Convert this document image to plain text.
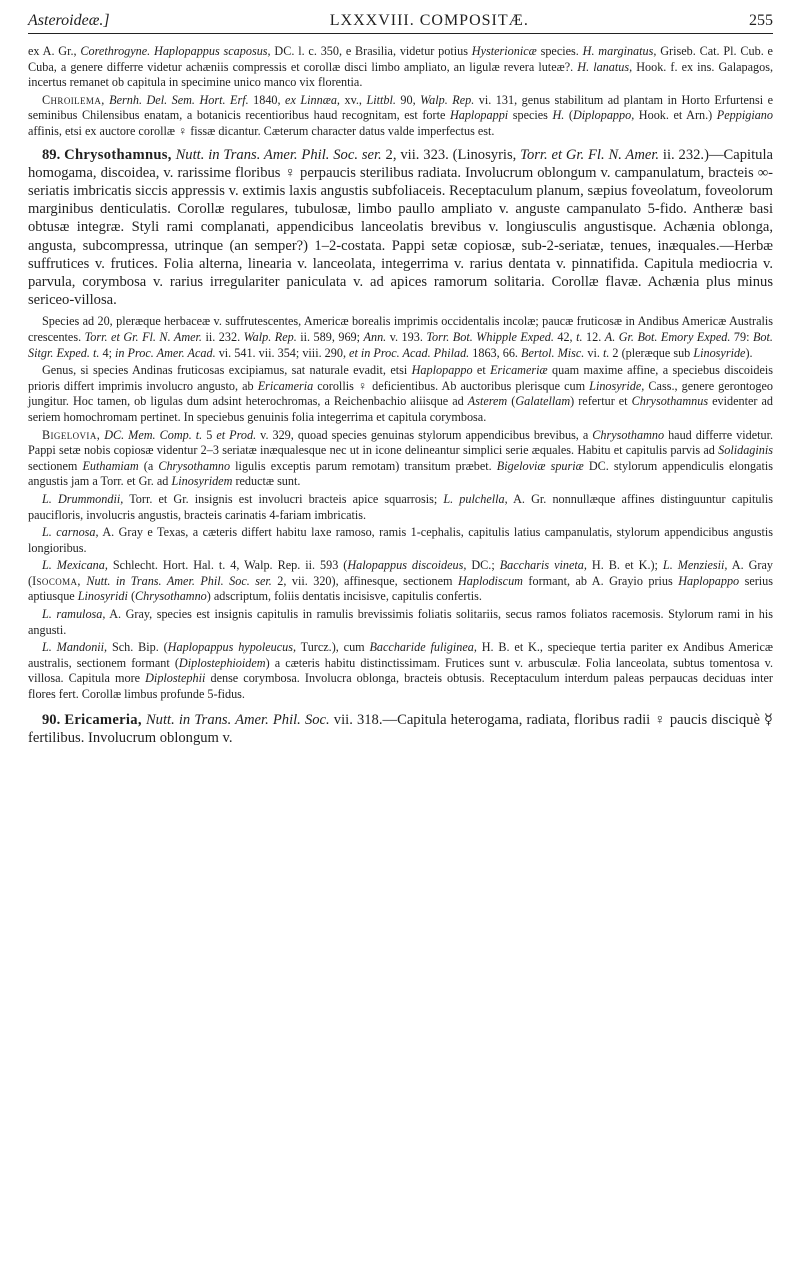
Asteroideæ.]	LXXXVIII. COMPOSITÆ.	255

ex A. Gr., Corethrogyne. Haplopappus scaposus, DC. l. c. 350, e Brasilia, videtur potius Hysterionicæ species. H. marginatus, Griseb. Cat. Pl. Cub. e Cuba, a genere differre videtur achæniis compressis et corollæ disci limbo ampliato, an ligulæ revera luteæ?. H. lanatus, Hook. f. ex ins. Galapagos, incertus remanet ob capitula in specimine unico manco vix florentia.

Chroilema, Bernh. Del. Sem. Hort. Erf. 1840, ex Linnæa, xv., Littbl. 90, Walp. Rep. vi. 131, genus stabilitum ad plantam in Horto Erfurtensi e seminibus Chilensibus enatam, a botanicis recentioribus haud recognitam, est forte Haplopappi species H. (Diplopappo, Hook. et Arn.) Peppigiano affinis, etsi ex auctore corollæ ♀ fissæ dicantur. Cæterum character datus valde imperfectus est.

89. Chrysothamnus, Nutt. in Trans. Amer. Phil. Soc. ser. 2, vii. 323. (Linosyris, Torr. et Gr. Fl. N. Amer. ii. 232.)—Capitula homogama, discoidea, v. rarissime floribus ♀ perpaucis sterilibus radiata. Involucrum oblongum v. campanulatum, bracteis ∞-seriatis imbricatis siccis appressis v. extimis laxis angustis subfoliaceis. Receptaculum planum, sæpius foveolatum, foveolorum marginibus denticulatis. Corollæ regulares, tubulosæ, limbo paullo ampliato v. anguste campanulato 5-fido. Antheræ basi obtusæ integræ. Styli rami complanati, appendicibus lanceolatis brevibus v. longiusculis angustisque. Achænia oblonga, angusta, subcompressa, utrinque (an semper?) 1–2-costata. Pappi setæ copiosæ, sub-2-seriatæ, tenues, inæquales.—Herbæ suffrutices v. frutices. Folia alterna, linearia v. lanceolata, integerrima v. rarius dentata v. pinnatifida. Capitula mediocria v. parvula, corymbosa v. rarius irregulariter paniculata v. ad apices ramorum solitaria. Corollæ flavæ. Achænia plus minus sericeo-villosa.

Species ad 20, pleræque herbaceæ v. suffrutescentes, Americæ borealis imprimis occidentalis incolæ; paucæ fruticosæ in Andibus Americæ Australis crescentes. Torr. et Gr. Fl. N. Amer. ii. 232. Walp. Rep. ii. 589, 969; Ann. v. 193. Torr. Bot. Whipple Exped. 42, t. 12. A. Gr. Bot. Emory Exped. 79: Bot. Sitgr. Exped. t. 4; in Proc. Amer. Acad. vi. 541. vii. 354; viii. 290, et in Proc. Acad. Philad. 1863, 66. Bertol. Misc. vi. t. 2 (pleræque sub Linosyride).

Genus, si species Andinas fruticosas excipiamus, sat naturale evadit, etsi Haplopappo et Ericameriæ quam maxime affine, a speciebus discoideis prioris differt imprimis involucro angusto, ab Ericameria corollis ♀ deficientibus. Ab auctoribus plerisque cum Linosyride, Cass., genere gerontogeo jungitur. Hoc tamen, ob ligulas dum adsint heterochromas, a Reichenbachio aliisque ad Asterem (Galatellam) refertur et Chrysothamnus evidenter ad seriem homochromam pertinet. In speciebus genuinis folia integerrima et capitula corymbosa.

Bigelovia, DC. Mem. Comp. t. 5 et Prod. v. 329, quoad species genuinas stylorum appendicibus brevibus, a Chrysothamno haud differre videtur. Pappi setæ nobis copiosæ videntur 2–3 seriatæ inæqualesque nec ut in icone delineantur simplici serie æquales. Habitu et capitulis parvis ad Solidaginis sectionem Euthamiam (a Chrysothamno ligulis exceptis parum remotam) transitum præbet. Bigeloviæ spuriæ DC. stylorum appendiculis elongatis angustis jam a Torr. et Gr. ad Linosyridem reductæ sunt.

L. Drummondii, Torr. et Gr. insignis est involucri bracteis apice squarrosis; L. pulchella, A. Gr. nonnullæque affines distinguuntur capitulis paucifloris, involucris angustis, bracteis carinatis 4-fariam imbricatis.

L. carnosa, A. Gray e Texas, a cæteris differt habitu laxe ramoso, ramis 1-cephalis, capitulis latius campanulatis, stylorum appendicibus angustis longioribus.

L. Mexicana, Schlecht. Hort. Hal. t. 4, Walp. Rep. ii. 593 (Halopappus discoideus, DC.; Baccharis vineta, H. B. et K.); L. Menziesii, A. Gray (Isocoma, Nutt. in Trans. Amer. Phil. Soc. ser. 2, vii. 320), affinesque, sectionem Haplodiscum formant, ab A. Grayio prius Haplopappo serius aptiusque Linosyridi (Chrysothamno) adscriptum, foliis dentatis incisisve, capitulis confertis.

L. ramulosa, A. Gray, species est insignis capitulis in ramulis brevissimis foliatis solitariis, secus ramos foliatos racemosis. Stylorum rami in his angusti.

L. Mandonii, Sch. Bip. (Haplopappus hypoleucus, Turcz.), cum Baccharide fuliginea, H. B. et K., specieque tertia pariter ex Andibus Americæ australis, sectionem formant (Diplostephioidem) a cæteris habitu distinctissimam. Frutices sunt v. arbusculæ. Folia lanceolata, subtus tomentosa v. villosa. Capitula more Diplostephii dense corymbosa. Involucra oblonga, bracteis obtusis. Receptaculum interdum paleas perpaucas deciduas inter flores fert. Corollæ limbus profunde 5-fidus.

90. Ericameria, Nutt. in Trans. Amer. Phil. Soc. vii. 318.—Capitula heterogama, radiata, floribus radii ♀ paucis disciquè ☿ fertilibus. Involucrum oblongum v.
